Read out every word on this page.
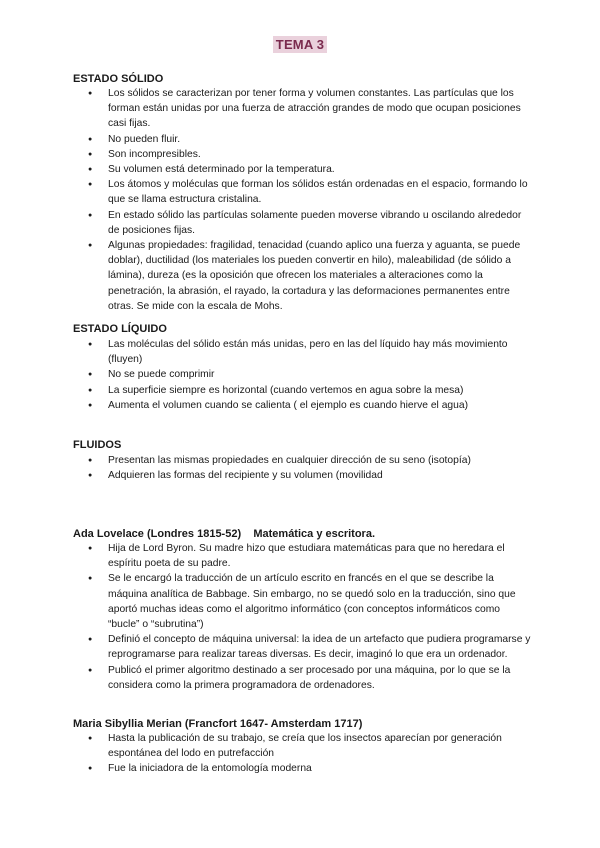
TEMA 3

ESTADO SÓLIDO

● Los sólidos se caracterizan por tener forma y volumen constantes. Las partículas que los forman están unidas por una fuerza de atracción grandes de modo que ocupan posiciones casi fijas.
● No pueden fluir.
● Son incompresibles.
● Su volumen está determinado por la temperatura.
● Los átomos y moléculas que forman los sólidos están ordenadas en el espacio, formando lo que se llama estructura cristalina.
● En estado sólido las partículas solamente pueden moverse vibrando u oscilando alrededor de posiciones fijas.
● Algunas propiedades: fragilidad, tenacidad (cuando aplico una fuerza y aguanta, se puede doblar), ductilidad (los materiales los pueden convertir en hilo), maleabilidad (de sólido a lámina), dureza (es la oposición que ofrecen los materiales a alteraciones como la penetración, la abrasión, el rayado, la cortadura y las deformaciones permanentes entre otras. Se mide con la escala de Mohs.

ESTADO LÍQUIDO

● Las moléculas del sólido están más unidas, pero en las del líquido hay más movimiento (fluyen)
● No se puede comprimir
● La superficie siempre es horizontal (cuando vertemos en agua sobre la mesa)
● Aumenta el volumen cuando se calienta ( el ejemplo es cuando hierve el agua)

FLUIDOS

● Presentan las mismas propiedades en cualquier dirección de su seno (isotopía)
● Adquieren las formas del recipiente y su volumen (movilidad

Ada Lovelace (Londres 1815-52)    Matemática y escritora.

● Hija de Lord Byron. Su madre hizo que estudiara matemáticas para que no heredara el espíritu poeta de su padre.
● Se le encargó la traducción de un artículo escrito en francés en el que se describe la máquina analítica de Babbage. Sin embargo, no se quedó solo en la traducción, sino que aportó muchas ideas como el algoritmo informático (con conceptos informáticos como “bucle” o “subrutina”)
● Definió el concepto de máquina universal: la idea de un artefacto que pudiera programarse y reprogramarse para realizar tareas diversas. Es decir, imaginó lo que era un ordenador.
● Publicó el primer algoritmo destinado a ser procesado por una máquina, por lo que se la considera como la primera programadora de ordenadores.

Maria Sibyllia Merian (Francfort 1647- Amsterdam 1717)

● Hasta la publicación de su trabajo, se creía que los insectos aparecían por generación espontánea del lodo en putrefacción
● Fue la iniciadora de la entomología moderna
